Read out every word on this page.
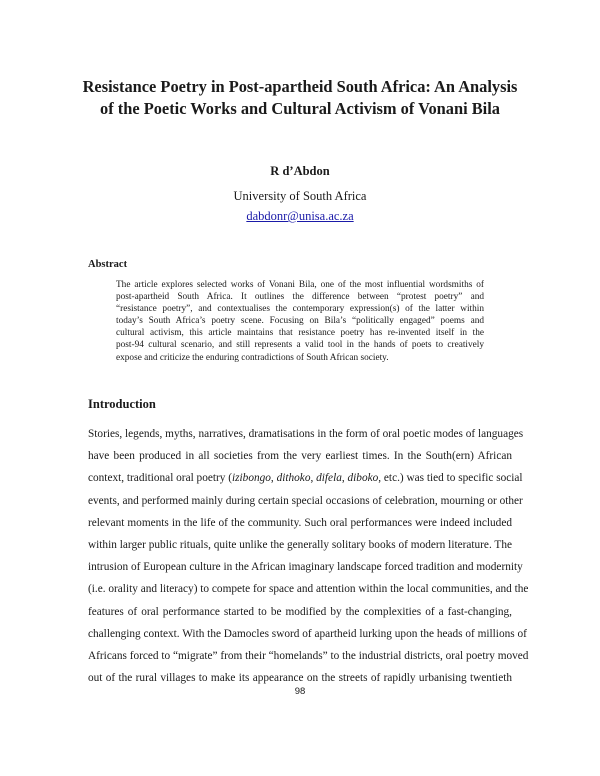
Resistance Poetry in Post-apartheid South Africa: An Analysis
of the Poetic Works and Cultural Activism of Vonani Bila
R d’Abdon
University of South Africa
dabdonr@unisa.ac.za
Abstract

The article explores selected works of Vonani Bila, one of the most influential wordsmiths of
post-apartheid South Africa. It outlines the difference between “protest poetry” and
“resistance poetry”, and contextualises the contemporary expression(s) of the latter within
today’s South Africa’s poetry scene. Focusing on Bila’s “politically engaged” poems and
cultural activism, this article maintains that resistance poetry has re-invented itself in the
post-94 cultural scenario, and still represents a valid tool in the hands of poets to creatively
expose and criticize the enduring contradictions of South African society.

Introduction

Stories, legends, myths, narratives, dramatisations in the form of oral poetic modes of languages
have been produced in all societies from the very earliest times. In the South(ern) African
context, traditional oral poetry (izibongo, dithoko, difela, diboko, etc.) was tied to specific social
events, and performed mainly during certain special occasions of celebration, mourning or other
relevant moments in the life of the community. Such oral performances were indeed included
within larger public rituals, quite unlike the generally solitary books of modern literature. The
intrusion of European culture in the African imaginary landscape forced tradition and modernity
(i.e. orality and literacy) to compete for space and attention within the local communities, and the
features of oral performance started to be modified by the complexities of a fast-changing,
challenging context. With the Damocles sword of apartheid lurking upon the heads of millions of
Africans forced to “migrate” from their “homelands” to the industrial districts, oral poetry moved
out of the rural villages to make its appearance on the streets of rapidly urbanising twentieth

98
